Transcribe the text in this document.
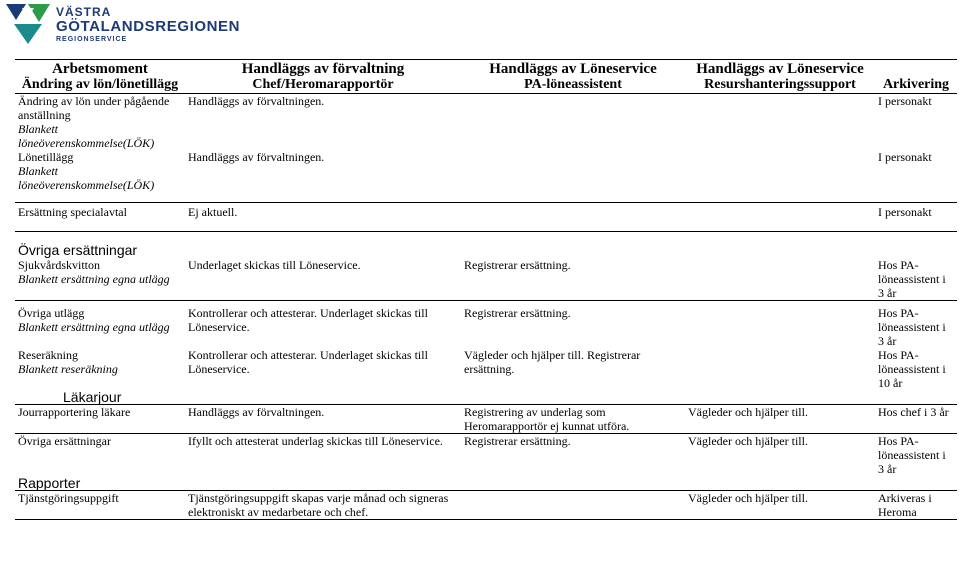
VÄSTRA
GÖTALANDSREGIONEN
REGIONSERVICE
Arbetsmoment	Handläggs av förvaltning	Handläggs av Löneservice	Handläggs av Löneservice	
Ändring av lön/lönetillägg	Chef/Heromarapportör	PA-löneassistent	Resurshanteringssupport	Arkivering

Ändring av lön under pågående anställning
Blankett löneöverenskommelse(LÖK)	Handläggs av förvaltningen.			I personakt

Lönetillägg
Blankett löneöverenskommelse(LÖK)	Handläggs av förvaltningen.			I personakt

Ersättning specialavtal	Ej aktuell.			I personakt
Övriga ersättningar				

Sjukvårdskvitton
Blankett ersättning egna utlägg	Underlaget skickas till Löneservice.	Registrerar ersättning.		Hos PA-löneassistent i 3 år

Övriga utlägg
Blankett ersättning egna utlägg	Kontrollerar och attesterar. Underlaget skickas till Löneservice.	Registrerar ersättning.		Hos PA-löneassistent i 3 år

Reseräkning
Blankett reseräkning	Kontrollerar och attesterar. Underlaget skickas till Löneservice.	Vägleder och hjälper till. Registrerar ersättning.		Hos PA-löneassistent i 10 år
Läkarjour				
Jourrapportering läkare	Handläggs av förvaltningen.	Registrering av underlag som Heromarapportör ej kunnat utföra.	Vägleder och hjälper till.	Hos chef i 3 år
Övriga ersättningar	Ifyllt och attesterat underlag skickas till Löneservice.	Registrerar ersättning.	Vägleder och hjälper till.	Hos PA-löneassistent i 3 år
Rapporter				
Tjänstgöringsuppgift	Tjänstgöringsuppgift skapas varje månad och signeras elektroniskt av medarbetare och chef.		Vägleder och hjälper till.	Arkiveras i Heroma
